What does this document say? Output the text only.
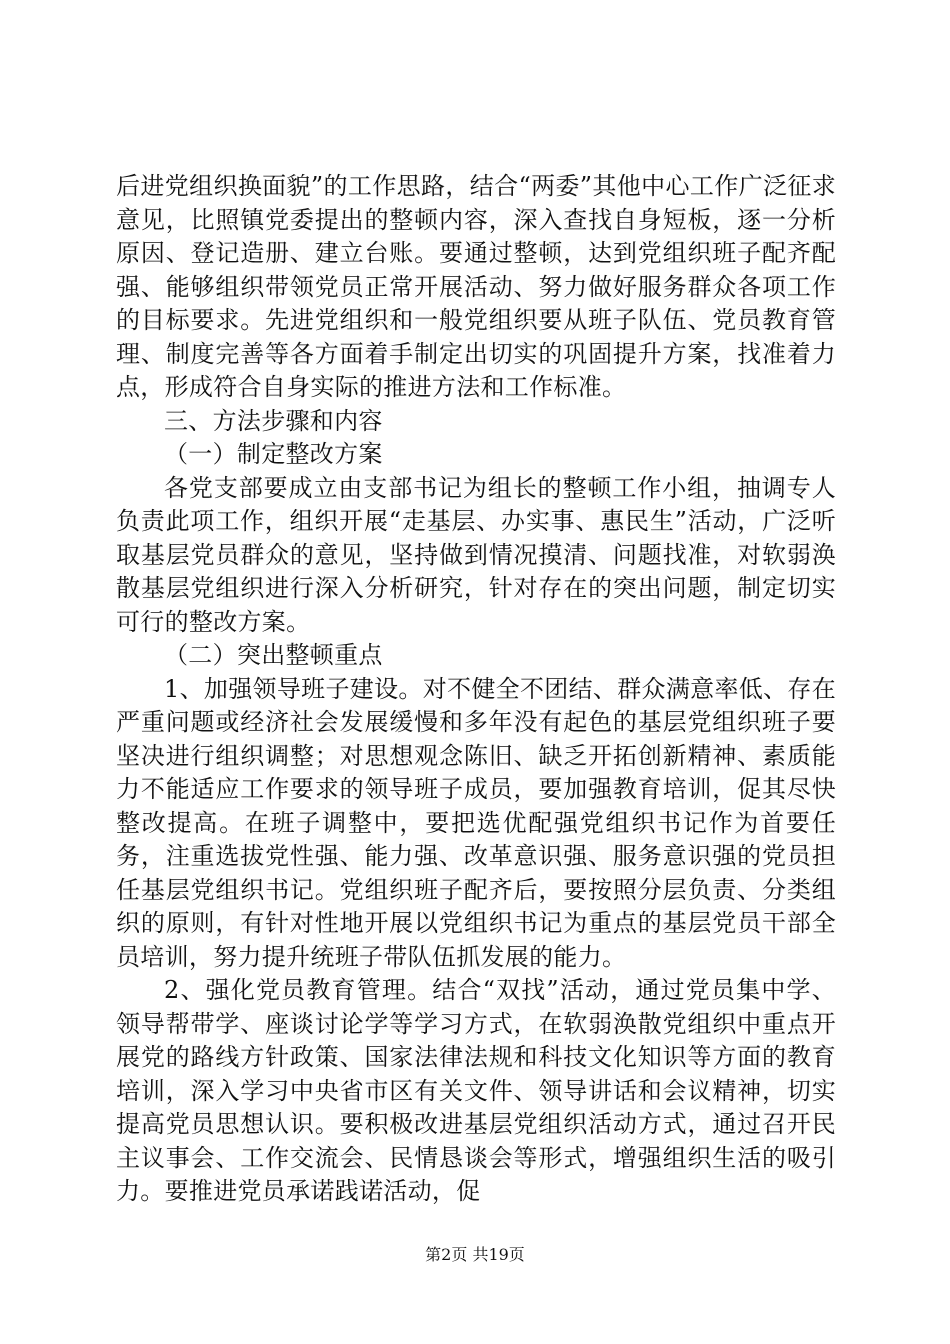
后进党组织换面貌”的工作思路，结合“两委”其他中心工作广泛征求意见，比照镇党委提出的整顿内容，深入查找自身短板，逐一分析原因、登记造册、建立台账。要通过整顿，达到党组织班子配齐配强、能够组织带领党员正常开展活动、努力做好服务群众各项工作的目标要求。先进党组织和一般党组织要从班子队伍、党员教育管理、制度完善等各方面着手制定出切实的巩固提升方案，找准着力点，形成符合自身实际的推进方法和工作标准。

三、方法步骤和内容

（一）制定整改方案

各党支部要成立由支部书记为组长的整顿工作小组，抽调专人负责此项工作，组织开展“走基层、办实事、惠民生”活动，广泛听取基层党员群众的意见，坚持做到情况摸清、问题找准，对软弱涣散基层党组织进行深入分析研究，针对存在的突出问题，制定切实可行的整改方案。

（二）突出整顿重点

1、加强领导班子建设。对不健全不团结、群众满意率低、存在严重问题或经济社会发展缓慢和多年没有起色的基层党组织班子要坚决进行组织调整；对思想观念陈旧、缺乏开拓创新精神、素质能力不能适应工作要求的领导班子成员，要加强教育培训，促其尽快整改提高。在班子调整中，要把选优配强党组织书记作为首要任务，注重选拔党性强、能力强、改革意识强、服务意识强的党员担任基层党组织书记。党组织班子配齐后，要按照分层负责、分类组织的原则，有针对性地开展以党组织书记为重点的基层党员干部全员培训，努力提升统班子带队伍抓发展的能力。

2、强化党员教育管理。结合“双找”活动，通过党员集中学、领导帮带学、座谈讨论学等学习方式，在软弱涣散党组织中重点开展党的路线方针政策、国家法律法规和科技文化知识等方面的教育培训，深入学习中央省市区有关文件、领导讲话和会议精神，切实提高党员思想认识。要积极改进基层党组织活动方式，通过召开民主议事会、工作交流会、民情恳谈会等形式，增强组织生活的吸引力。要推进党员承诺践诺活动，促

第2页 共19页
